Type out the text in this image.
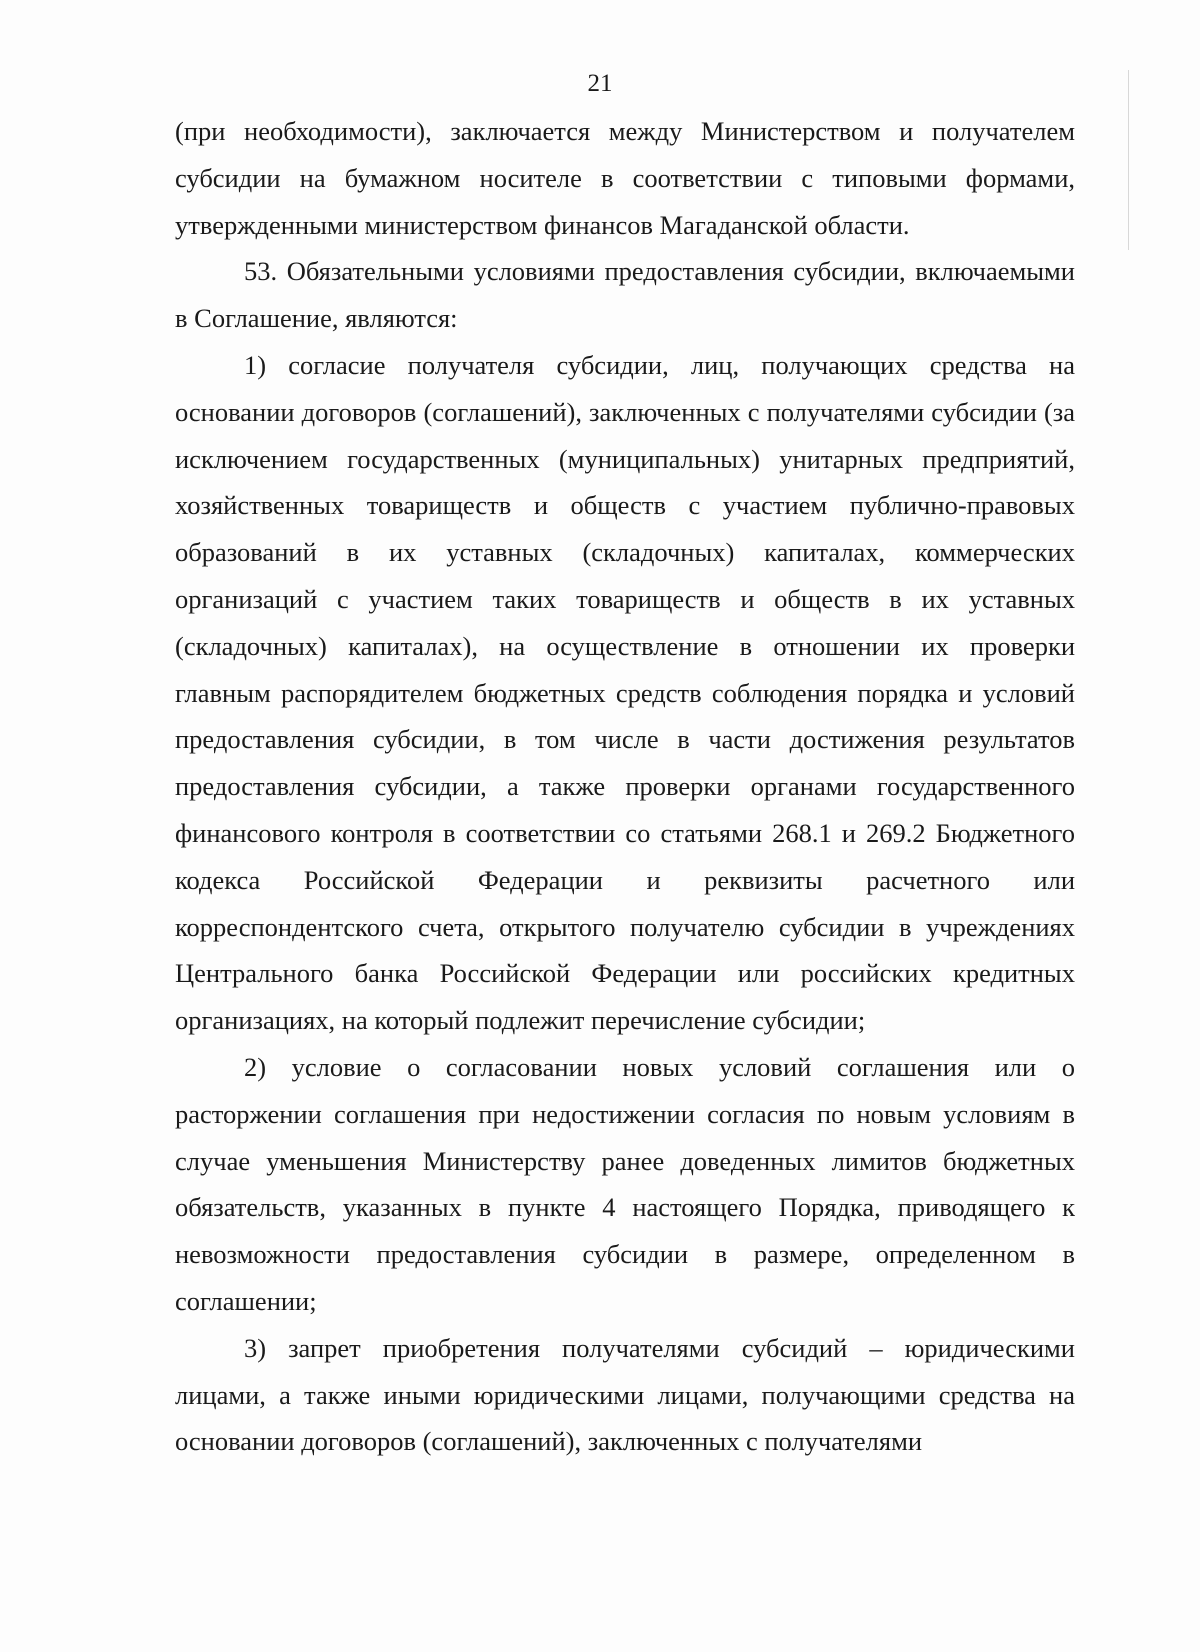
21

(при необходимости), заключается между Министерством и получателем субсидии на бумажном носителе в соответствии с типовыми формами, утвержденными министерством финансов Магаданской области.

53. Обязательными условиями предоставления субсидии, включаемыми в Соглашение, являются:

1) согласие получателя субсидии, лиц, получающих средства на основании договоров (соглашений), заключенных с получателями субсидии (за исключением государственных (муниципальных) унитарных предприятий, хозяйственных товариществ и обществ с участием публично-правовых образований в их уставных (складочных) капиталах, коммерческих организаций с участием таких товариществ и обществ в их уставных (складочных) капиталах), на осуществление в отношении их проверки главным распорядителем бюджетных средств соблюдения порядка и условий предоставления субсидии, в том числе в части достижения результатов предоставления субсидии, а также проверки органами государственного финансового контроля в соответствии со статьями 268.1 и 269.2 Бюджетного кодекса Российской Федерации и реквизиты расчетного или корреспондентского счета, открытого получателю субсидии в учреждениях Центрального банка Российской Федерации или российских кредитных организациях, на который подлежит перечисление субсидии;

2) условие о согласовании новых условий соглашения или о расторжении соглашения при недостижении согласия по новым условиям в случае уменьшения Министерству ранее доведенных лимитов бюджетных обязательств, указанных в пункте 4 настоящего Порядка, приводящего к невозможности предоставления субсидии в размере, определенном в соглашении;

3) запрет приобретения получателями субсидий – юридическими лицами, а также иными юридическими лицами, получающими средства на основании договоров (соглашений), заключенных с получателями
